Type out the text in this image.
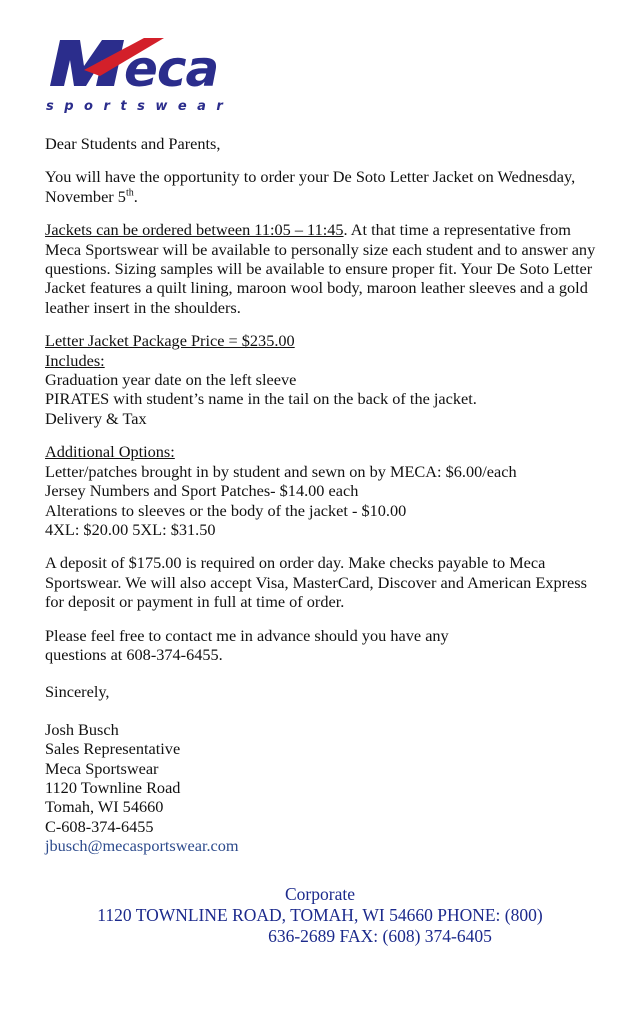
eca
sportswear

Dear Students and Parents,

You will have the opportunity to order your De Soto Letter Jacket on Wednesday, November 5th.

Jackets can be ordered between 11:05 – 11:45. At that time a representative from Meca Sportswear will be available to personally size each student and to answer any questions. Sizing samples will be available to ensure proper fit. Your De Soto Letter Jacket features a quilt lining, maroon wool body, maroon leather sleeves and a gold leather insert in the shoulders.

Letter Jacket Package Price = $235.00

Includes:

Graduation year date on the left sleeve

PIRATES with student’s name in the tail on the back of the jacket.

Delivery & Tax

Additional Options:

Letter/patches brought in by student and sewn on by MECA: $6.00/each

Jersey Numbers and Sport Patches- $14.00 each

Alterations to sleeves or the body of the jacket - $10.00

4XL: $20.00 5XL: $31.50

A deposit of $175.00 is required on order day. Make checks payable to Meca Sportswear. We will also accept Visa, MasterCard, Discover and American Express for deposit or payment in full at time of order.

Please feel free to contact me in advance should you have any

questions at 608-374-6455.

Sincerely,

Josh Busch

Sales Representative

Meca Sportswear

1120 Townline Road

Tomah, WI 54660

C-608-374-6455

jbusch@mecasportswear.com

Corporate

1120 TOWNLINE ROAD, TOMAH, WI 54660 PHONE: (800)

636-2689 FAX: (608) 374-6405
